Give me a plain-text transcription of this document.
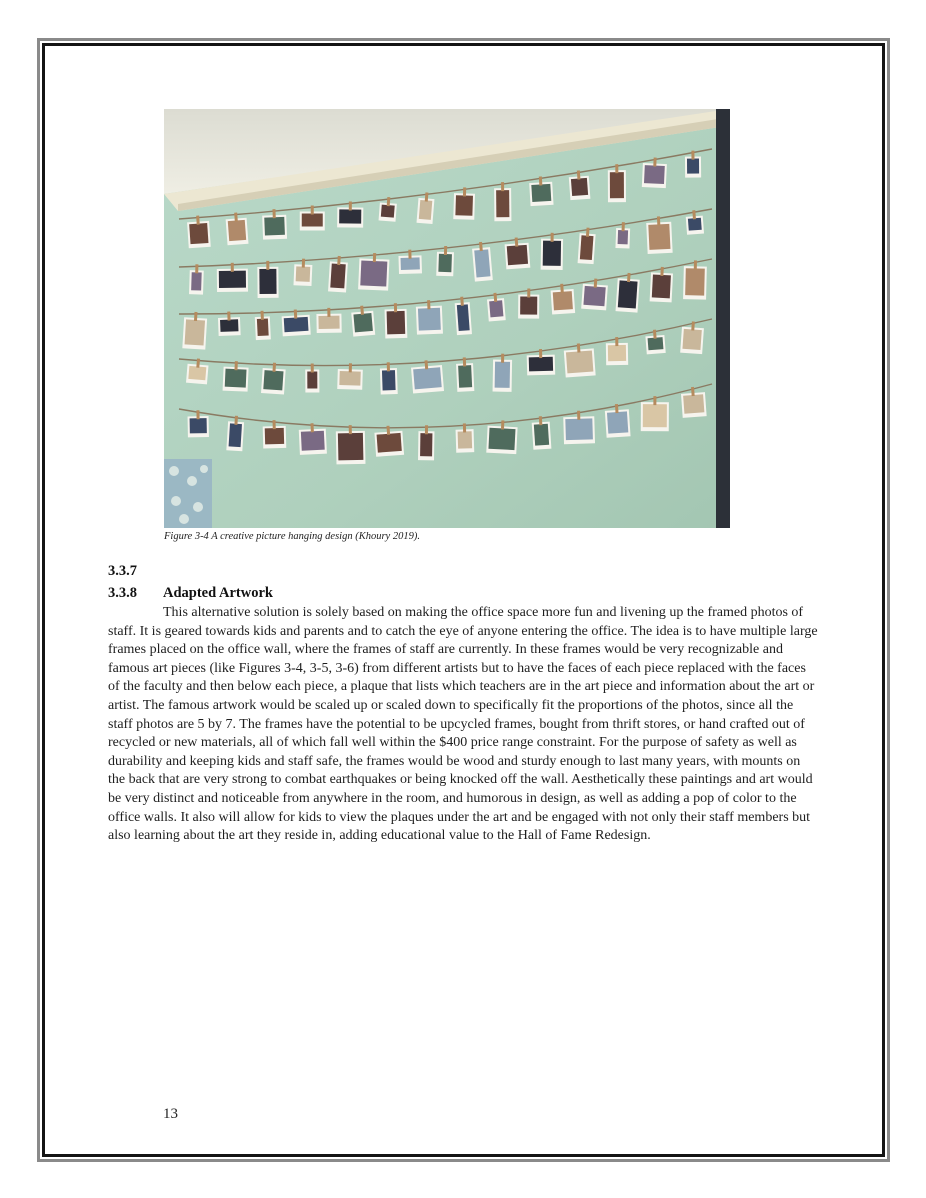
Figure 3-4 A creative picture hanging design (Khoury 2019).
3.3.7
3.3.8 Adapted Artwork

This alternative solution is solely based on making the office space more fun and livening up the framed photos of staff. It is geared towards kids and parents and to catch the eye of anyone entering the office. The idea is to have multiple large frames placed on the office wall, where the frames of staff are currently. In these frames would be very recognizable and famous art pieces (like Figures 3-4, 3-5, 3-6) from different artists but to have the faces of each piece replaced with the faces of the faculty and then below each piece, a plaque that lists which teachers are in the art piece and information about the art or artist. The famous artwork would be scaled up or scaled down to specifically fit the proportions of the photos, since all the staff photos are 5 by 7. The frames have the potential to be upcycled frames, bought from thrift stores, or hand crafted out of recycled or new materials, all of which fall well within the $400 price range constraint. For the purpose of safety as well as durability and keeping kids and staff safe, the frames would be wood and sturdy enough to last many years, with mounts on the back that are very strong to combat earthquakes or being knocked off the wall. Aesthetically these paintings and art would be very distinct and noticeable from anywhere in the room, and humorous in design, as well as adding a pop of color to the office walls. It also will allow for kids to view the plaques under the art and be engaged with not only their staff members but also learning about the art they reside in, adding educational value to the Hall of Fame Redesign.

13
